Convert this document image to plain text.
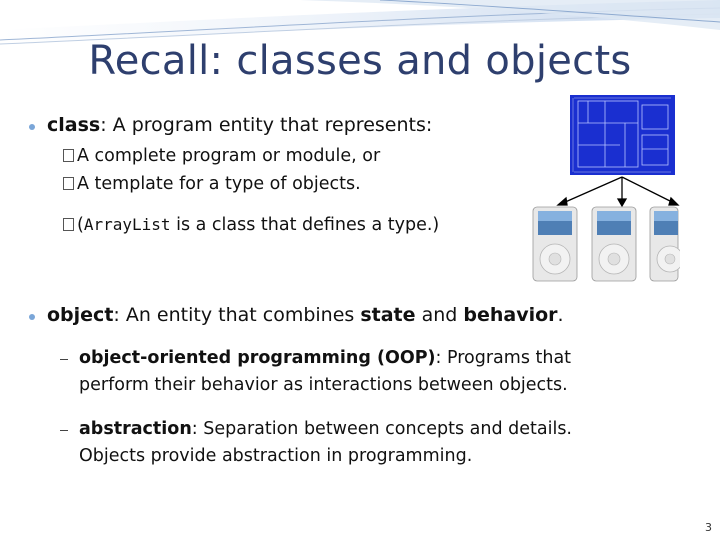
Recall: classes and objects
class: A program entity that represents:
A complete program or module, or
A template for a type of objects.
(ArrayList is a class that defines a type.)
object: An entity that combines state and behavior.
object-oriented programming (OOP): Programs that
perform their behavior as interactions between objects.
abstraction: Separation between concepts and details.
Objects provide abstraction in programming.
3
